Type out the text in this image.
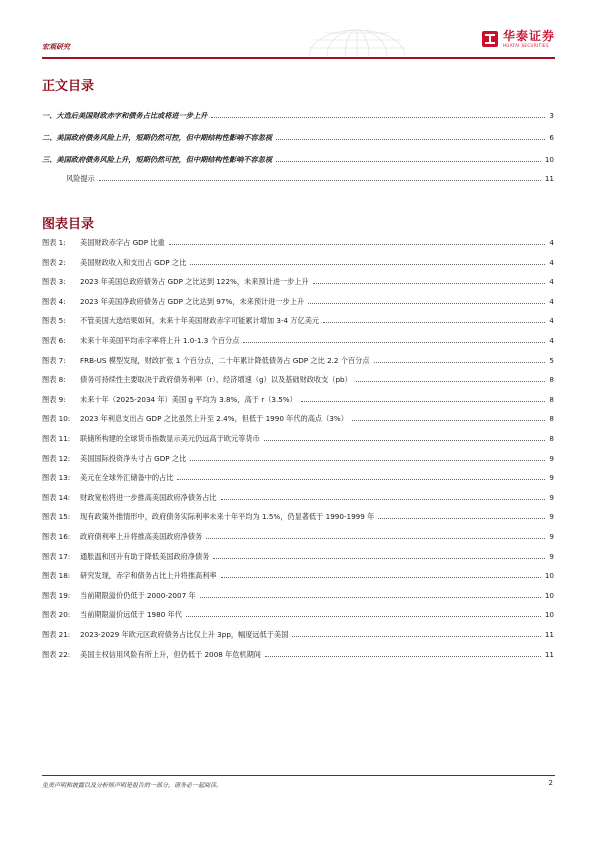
宏观研究
华泰证券
HUATAI SECURITIES
正文目录
一、大选后美国财政赤字和债务占比或将进一步上升	3
二、美国政府债务风险上升，短期仍然可控，但中期结构性影响不容忽视	6
三、美国政府债务风险上升，短期仍然可控，但中期结构性影响不容忽视	10
风险提示	11
图表目录
图表 1: 美国财政赤字占 GDP 比重	4
图表 2: 美国财政收入和支出占 GDP 之比	4
图表 3: 2023 年美国总政府债务占 GDP 之比达到 122%，未来预计进一步上升	4
图表 4: 2023 年美国净政府债务占 GDP 之比达到 97%，未来预计进一步上升	4
图表 5: 不管美国大选结果如何，未来十年美国财政赤字可能累计增加 3-4 万亿美元	4
图表 6: 未来十年美国平均赤字率将上升 1.0-1.3 个百分点	4
图表 7: FRB-US 模型发现，财政扩张 1 个百分点，二十年累计降低债务占 GDP 之比 2.2 个百分点	5
图表 8: 债务可持续性主要取决于政府债务利率（r）、经济增速（g）以及基础财政收支（pb）	8
图表 9: 未来十年（2025-2034 年）美国 g 平均为 3.8%，高于 r（3.5%）	8
图表 10: 2023 年利息支出占 GDP 之比虽然上升至 2.4%，但低于 1990 年代的高点（3%）	8
图表 11: 联储所构建的全球货币指数显示美元仍远高于欧元等货币	8
图表 12: 美国国际投资净头寸占 GDP 之比	9
图表 13: 美元在全球外汇储备中的占比	9
图表 14: 财政宽松将进一步推高美国政府净债务占比	9
图表 15: 现有政策外推情形中，政府债务实际利率未来十年平均为 1.5%，仍显著低于 1990-1999 年	9
图表 16: 政府债利率上升将推高美国政府净债务	9
图表 17: 通胀温和回升有助于降低美国政府净债务	9
图表 18: 研究发现，赤字和债务占比上升将推高利率	10
图表 19: 当前期限溢价仍低于 2000-2007 年	10
图表 20: 当前期限溢价远低于 1980 年代	10
图表 21: 2023-2029 年欧元区政府债务占比仅上升 3pp，幅度远低于美国	11
图表 22: 美国主权信用风险有所上升，但仍低于 2008 年危机期间	11
免责声明和披露以及分析师声明是报告的一部分，请务必一起阅读。	2
